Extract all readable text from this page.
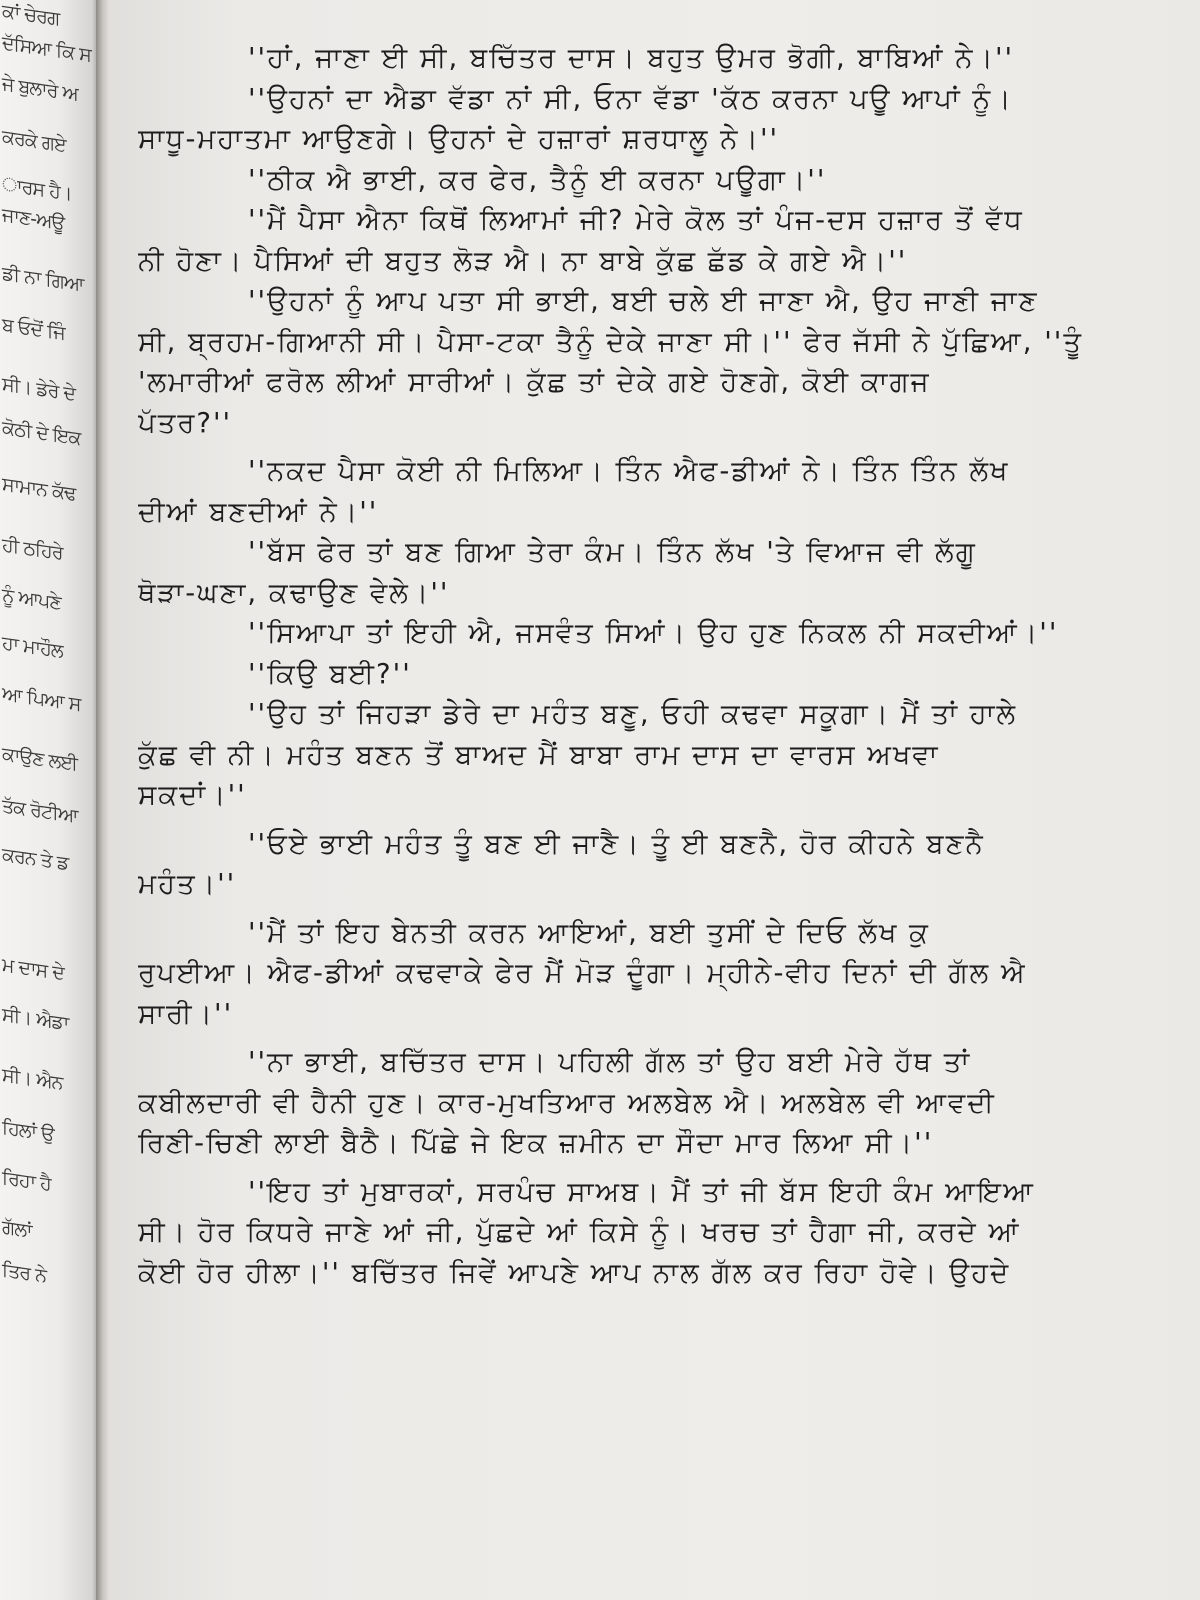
ਕਾਂ ਚੇਰਗ
ਦੱਸਿਆ ਕਿ ਸ
ਜੇ ਬੁਲਾਰੇ ਅ
ਕਰਕੇ ਗਏ
ਾਰਸ ਹੈ।
ਜਾਣ-ਅਊ
ਡੀ ਨਾ ਗਿਆ
ਬ ਓਦੋਂ ਜਿੰ
ਸੀ। ਡੇਰੇ ਦੇ
ਕੋਠੀ ਦੇ ਇਕ
ਸਾਮਾਨ ਕੱਢ
ਹੀ ਠਹਿਰੇ
ਨੂੰ ਆਪਣੇ
ਹਾ ਮਾਹੌਲ
ਆ ਪਿਆ ਸ
ਕਾਉਣ ਲਈ
ਤੱਕ ਰੋਟੀਆ
ਕਰਨ ਤੇ ਡ
ਮ ਦਾਸ ਦੇ
ਸੀ। ਐਡਾ
ਸੀ। ਐਨ
ਹਿਲਾਂ ਉ
ਰਿਹਾ ਹੈ
ਗੱਲਾਂ
ਤਿਰ ਨੇ
''ਹਾਂ, ਜਾਣਾ ਈ ਸੀ, ਬਚਿੱਤਰ ਦਾਸ। ਬਹੁਤ ਉਮਰ ਭੋਗੀ, ਬਾਬਿਆਂ ਨੇ।''
''ਉਹਨਾਂ ਦਾ ਐਡਾ ਵੱਡਾ ਨਾਂ ਸੀ, ਓਨਾ ਵੱਡਾ 'ਕੱਠ ਕਰਨਾ ਪਊ ਆਪਾਂ ਨੂੰ।
ਸਾਧੂ-ਮਹਾਤਮਾ ਆਉਣਗੇ। ਉਹਨਾਂ ਦੇ ਹਜ਼ਾਰਾਂ ਸ਼ਰਧਾਲੂ ਨੇ।''
''ਠੀਕ ਐ ਭਾਈ, ਕਰ ਫੇਰ, ਤੈਨੂੰ ਈ ਕਰਨਾ ਪਊਗਾ।''
''ਮੈਂ ਪੈਸਾ ਐਨਾ ਕਿਥੋਂ ਲਿਆਮਾਂ ਜੀ? ਮੇਰੇ ਕੋਲ ਤਾਂ ਪੰਜ-ਦਸ ਹਜ਼ਾਰ ਤੋਂ ਵੱਧ
ਨੀ ਹੋਣਾ। ਪੈਸਿਆਂ ਦੀ ਬਹੁਤ ਲੋੜ ਐ। ਨਾ ਬਾਬੇ ਕੁੱਛ ਛੱਡ ਕੇ ਗਏ ਐ।''
''ਉਹਨਾਂ ਨੂੰ ਆਪ ਪਤਾ ਸੀ ਭਾਈ, ਬਈ ਚਲੇ ਈ ਜਾਣਾ ਐ, ਉਹ ਜਾਣੀ ਜਾਣ
ਸੀ, ਬ੍ਰਹਮ-ਗਿਆਨੀ ਸੀ। ਪੈਸਾ-ਟਕਾ ਤੈਨੂੰ ਦੇਕੇ ਜਾਣਾ ਸੀ।'' ਫੇਰ ਜੱਸੀ ਨੇ ਪੁੱਛਿਆ, ''ਤੂੰ
'ਲਮਾਰੀਆਂ ਫਰੋਲ ਲੀਆਂ ਸਾਰੀਆਂ। ਕੁੱਛ ਤਾਂ ਦੇਕੇ ਗਏ ਹੋਣਗੇ, ਕੋਈ ਕਾਗਜ
ਪੱਤਰ?''
''ਨਕਦ ਪੈਸਾ ਕੋਈ ਨੀ ਮਿਲਿਆ। ਤਿੰਨ ਐਫ-ਡੀਆਂ ਨੇ। ਤਿੰਨ ਤਿੰਨ ਲੱਖ
ਦੀਆਂ ਬਣਦੀਆਂ ਨੇ।''
''ਬੱਸ ਫੇਰ ਤਾਂ ਬਣ ਗਿਆ ਤੇਰਾ ਕੰਮ। ਤਿੰਨ ਲੱਖ 'ਤੇ ਵਿਆਜ ਵੀ ਲੱਗੂ
ਥੋੜਾ-ਘਣਾ, ਕਢਾਉਣ ਵੇਲੇ।''
''ਸਿਆਪਾ ਤਾਂ ਇਹੀ ਐ, ਜਸਵੰਤ ਸਿਆਂ। ਉਹ ਹੁਣ ਨਿਕਲ ਨੀ ਸਕਦੀਆਂ।''
''ਕਿਉ ਬਈ?''
''ਉਹ ਤਾਂ ਜਿਹੜਾ ਡੇਰੇ ਦਾ ਮਹੰਤ ਬਣੂ, ਓਹੀ ਕਢਵਾ ਸਕੂਗਾ। ਮੈਂ ਤਾਂ ਹਾਲੇ
ਕੁੱਛ ਵੀ ਨੀ। ਮਹੰਤ ਬਣਨ ਤੋਂ ਬਾਅਦ ਮੈਂ ਬਾਬਾ ਰਾਮ ਦਾਸ ਦਾ ਵਾਰਸ ਅਖਵਾ
ਸਕਦਾਂ।''
''ਓਏ ਭਾਈ ਮਹੰਤ ਤੂੰ ਬਣ ਈ ਜਾਣੈ। ਤੂੰ ਈ ਬਣਨੈ, ਹੋਰ ਕੀਹਨੇ ਬਣਨੈ
ਮਹੰਤ।''
''ਮੈਂ ਤਾਂ ਇਹ ਬੇਨਤੀ ਕਰਨ ਆਇਆਂ, ਬਈ ਤੁਸੀਂ ਦੇ ਦਿਓ ਲੱਖ ਕੁ
ਰੁਪਈਆ। ਐਫ-ਡੀਆਂ ਕਢਵਾਕੇ ਫੇਰ ਮੈਂ ਮੋੜ ਦੂੰਗਾ। ਮ੍ਹੀਨੇ-ਵੀਹ ਦਿਨਾਂ ਦੀ ਗੱਲ ਐ
ਸਾਰੀ।''
''ਨਾ ਭਾਈ, ਬਚਿੱਤਰ ਦਾਸ। ਪਹਿਲੀ ਗੱਲ ਤਾਂ ਉਹ ਬਈ ਮੇਰੇ ਹੱਥ ਤਾਂ
ਕਬੀਲਦਾਰੀ ਵੀ ਹੈਨੀ ਹੁਣ। ਕਾਰ-ਮੁਖਤਿਆਰ ਅਲਬੇਲ ਐ। ਅਲਬੇਲ ਵੀ ਆਵਦੀ
ਰਿਣੀ-ਚਿਣੀ ਲਾਈ ਬੈਠੈ। ਪਿੱਛੇ ਜੇ ਇਕ ਜ਼ਮੀਨ ਦਾ ਸੌਦਾ ਮਾਰ ਲਿਆ ਸੀ।''
''ਇਹ ਤਾਂ ਮੁਬਾਰਕਾਂ, ਸਰਪੰਚ ਸਾਅਬ। ਮੈਂ ਤਾਂ ਜੀ ਬੱਸ ਇਹੀ ਕੰਮ ਆਇਆ
ਸੀ। ਹੋਰ ਕਿਧਰੇ ਜਾਣੇ ਆਂ ਜੀ, ਪੁੱਛਦੇ ਆਂ ਕਿਸੇ ਨੂੰ। ਖਰਚ ਤਾਂ ਹੈਗਾ ਜੀ, ਕਰਦੇ ਆਂ
ਕੋਈ ਹੋਰ ਹੀਲਾ।'' ਬਚਿੱਤਰ ਜਿਵੇਂ ਆਪਣੇ ਆਪ ਨਾਲ ਗੱਲ ਕਰ ਰਿਹਾ ਹੋਵੇ। ਉਹਦੇ
